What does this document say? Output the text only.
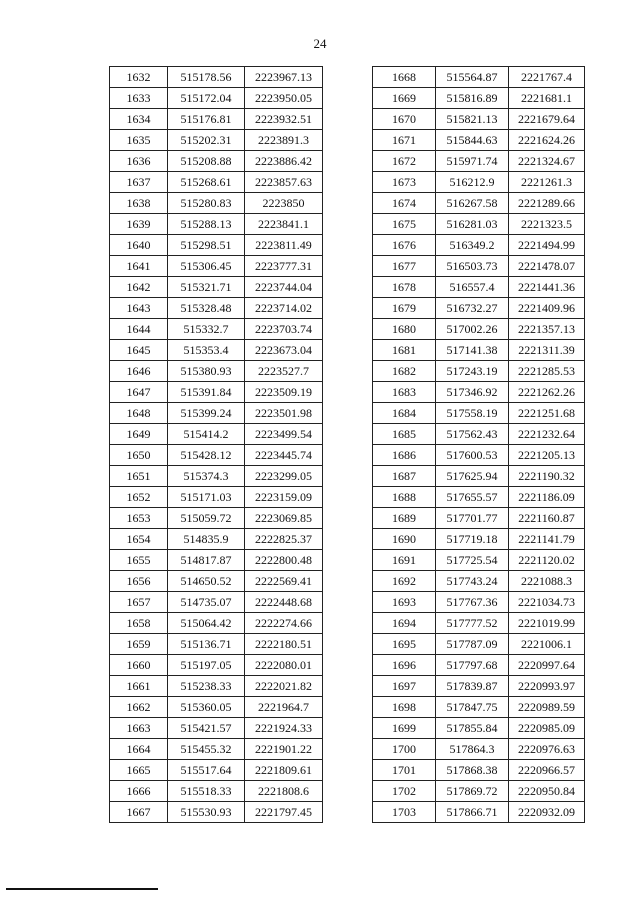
24
1632	515178.56	2223967.13
1633	515172.04	2223950.05
1634	515176.81	2223932.51
1635	515202.31	2223891.3
1636	515208.88	2223886.42
1637	515268.61	2223857.63
1638	515280.83	2223850
1639	515288.13	2223841.1
1640	515298.51	2223811.49
1641	515306.45	2223777.31
1642	515321.71	2223744.04
1643	515328.48	2223714.02
1644	515332.7	2223703.74
1645	515353.4	2223673.04
1646	515380.93	2223527.7
1647	515391.84	2223509.19
1648	515399.24	2223501.98
1649	515414.2	2223499.54
1650	515428.12	2223445.74
1651	515374.3	2223299.05
1652	515171.03	2223159.09
1653	515059.72	2223069.85
1654	514835.9	2222825.37
1655	514817.87	2222800.48
1656	514650.52	2222569.41
1657	514735.07	2222448.68
1658	515064.42	2222274.66
1659	515136.71	2222180.51
1660	515197.05	2222080.01
1661	515238.33	2222021.82
1662	515360.05	2221964.7
1663	515421.57	2221924.33
1664	515455.32	2221901.22
1665	515517.64	2221809.61
1666	515518.33	2221808.6
1667	515530.93	2221797.45
1668	515564.87	2221767.4
1669	515816.89	2221681.1
1670	515821.13	2221679.64
1671	515844.63	2221624.26
1672	515971.74	2221324.67
1673	516212.9	2221261.3
1674	516267.58	2221289.66
1675	516281.03	2221323.5
1676	516349.2	2221494.99
1677	516503.73	2221478.07
1678	516557.4	2221441.36
1679	516732.27	2221409.96
1680	517002.26	2221357.13
1681	517141.38	2221311.39
1682	517243.19	2221285.53
1683	517346.92	2221262.26
1684	517558.19	2221251.68
1685	517562.43	2221232.64
1686	517600.53	2221205.13
1687	517625.94	2221190.32
1688	517655.57	2221186.09
1689	517701.77	2221160.87
1690	517719.18	2221141.79
1691	517725.54	2221120.02
1692	517743.24	2221088.3
1693	517767.36	2221034.73
1694	517777.52	2221019.99
1695	517787.09	2221006.1
1696	517797.68	2220997.64
1697	517839.87	2220993.97
1698	517847.75	2220989.59
1699	517855.84	2220985.09
1700	517864.3	2220976.63
1701	517868.38	2220966.57
1702	517869.72	2220950.84
1703	517866.71	2220932.09
